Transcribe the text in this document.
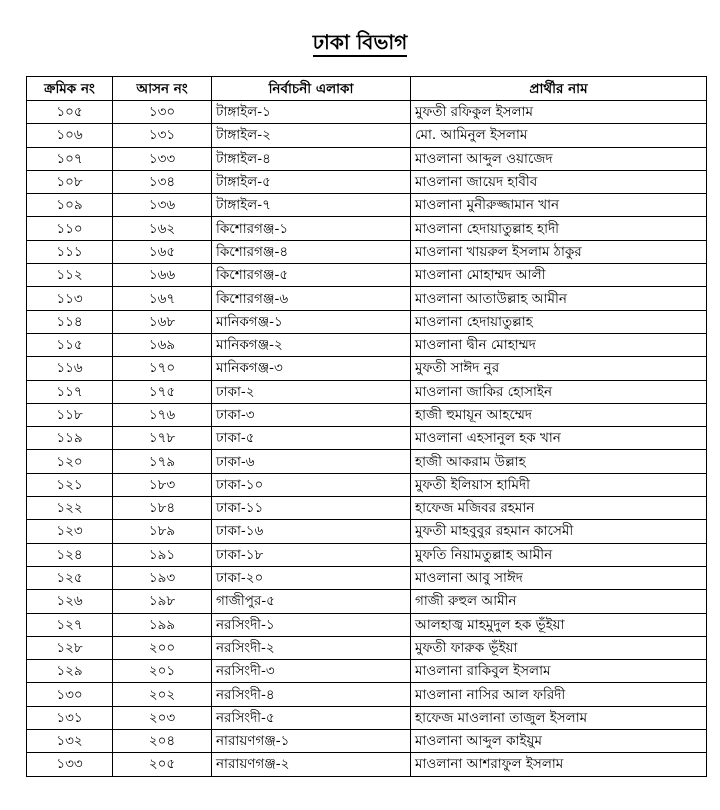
ঢাকা বিভাগ
ক্রমিক নং	আসন নং	নির্বাচনী এলাকা	প্রার্থীর নাম
১০৫	১৩০	টাঙ্গাইল-১	মুফতী রফিকুল ইসলাম
১০৬	১৩১	টাঙ্গাইল-২	মো. আমিনুল ইসলাম
১০৭	১৩৩	টাঙ্গাইল-৪	মাওলানা আব্দুল ওয়াজেদ
১০৮	১৩৪	টাঙ্গাইল-৫	মাওলানা জায়েদ হাবীব
১০৯	১৩৬	টাঙ্গাইল-৭	মাওলানা মুনীরুজ্জামান খান
১১০	১৬২	কিশোরগঞ্জ-১	মাওলানা হেদায়াতুল্লাহ হাদী
১১১	১৬৫	কিশোরগঞ্জ-৪	মাওলানা খায়রুল ইসলাম ঠাকুর
১১২	১৬৬	কিশোরগঞ্জ-৫	মাওলানা মোহাম্মদ আলী
১১৩	১৬৭	কিশোরগঞ্জ-৬	মাওলানা আতাউল্লাহ আমীন
১১৪	১৬৮	মানিকগঞ্জ-১	মাওলানা হেদায়াতুল্লাহ
১১৫	১৬৯	মানিকগঞ্জ-২	মাওলানা দ্বীন মোহাম্মদ
১১৬	১৭০	মানিকগঞ্জ-৩	মুফতী সাঈদ নুর
১১৭	১৭৫	ঢাকা-২	মাওলানা জাকির হোসাইন
১১৮	১৭৬	ঢাকা-৩	হাজী হুমায়ূন আহম্মেদ
১১৯	১৭৮	ঢাকা-৫	মাওলানা এহসানুল হক খান
১২০	১৭৯	ঢাকা-৬	হাজী আকরাম উল্লাহ
১২১	১৮৩	ঢাকা-১০	মুফতী ইলিয়াস হামিদী
১২২	১৮৪	ঢাকা-১১	হাফেজ মজিবর রহমান
১২৩	১৮৯	ঢাকা-১৬	মুফতী মাহবুবুর রহমান কাসেমী
১২৪	১৯১	ঢাকা-১৮	মুফতি নিয়ামতুল্লাহ আমীন
১২৫	১৯৩	ঢাকা-২০	মাওলানা আবু সাঈদ
১২৬	১৯৮	গাজীপুর-৫	গাজী রুহুল আমীন
১২৭	১৯৯	নরসিংদী-১	আলহাজ্ব মাহমুদুল হক ভূঁইয়া
১২৮	২০০	নরসিংদী-২	মুফতী ফারুক ভূঁইয়া
১২৯	২০১	নরসিংদী-৩	মাওলানা রাকিবুল ইসলাম
১৩০	২০২	নরসিংদী-৪	মাওলানা নাসির আল ফরিদী
১৩১	২০৩	নরসিংদী-৫	হাফেজ মাওলানা তাজুল ইসলাম
১৩২	২০৪	নারায়ণগঞ্জ-১	মাওলানা আব্দুল কাইয়ুম
১৩৩	২০৫	নারায়ণগঞ্জ-২	মাওলানা আশরাফুল ইসলাম
